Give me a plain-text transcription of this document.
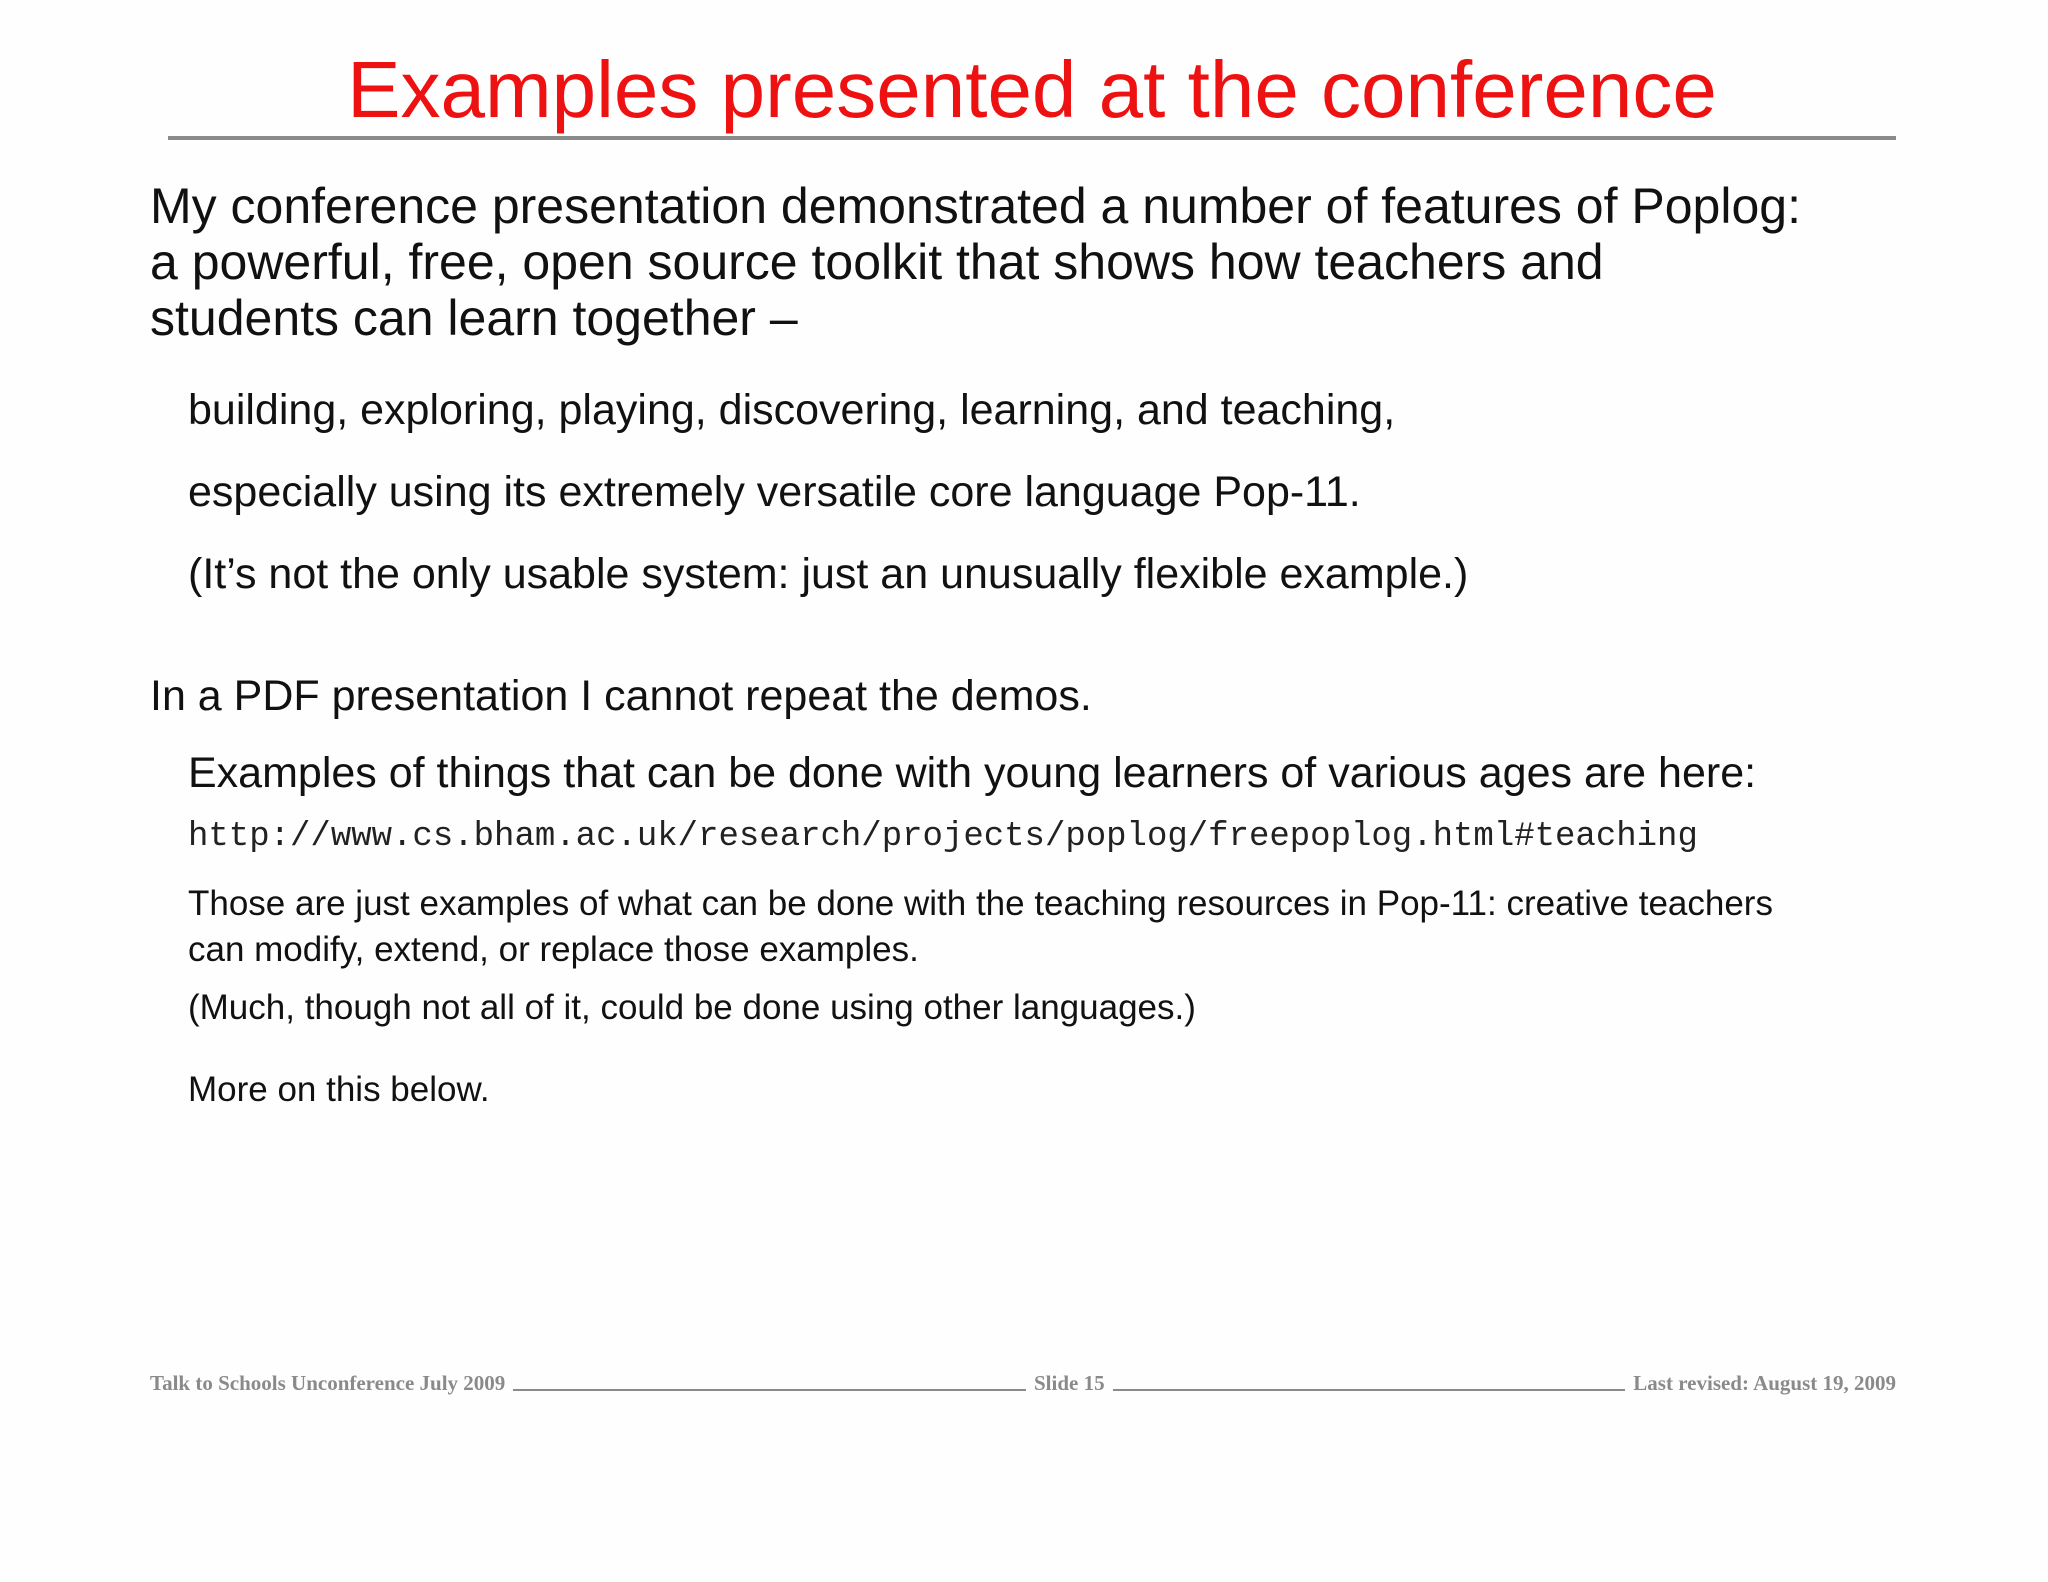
Examples presented at the conference
My conference presentation demonstrated a number of features of Poplog:
a powerful, free, open source toolkit that shows how teachers and
students can learn together –
building, exploring, playing, discovering, learning, and teaching,
especially using its extremely versatile core language Pop-11.
(It’s not the only usable system: just an unusually flexible example.)
In a PDF presentation I cannot repeat the demos.
Examples of things that can be done with young learners of various ages are here:
http://www.cs.bham.ac.uk/research/projects/poplog/freepoplog.html#teaching
Those are just examples of what can be done with the teaching resources in Pop-11: creative teachers
can modify, extend, or replace those examples.
(Much, though not all of it, could be done using other languages.)
More on this below.
Talk to Schools Unconference July 2009	Slide 15	Last revised: August 19, 2009
